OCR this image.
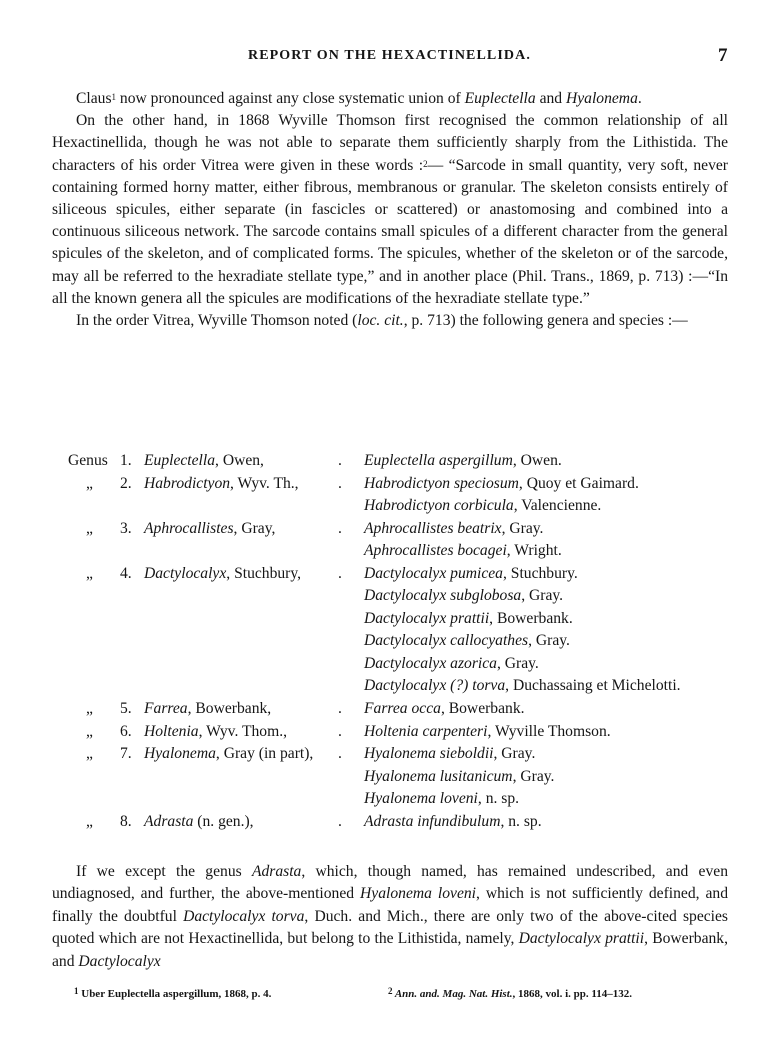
REPORT ON THE HEXACTINELLIDA.	7

Claus$^1$ now pronounced against any close systematic union of Euplectella and Hyalonema.

On the other hand, in 1868 Wyville Thomson first recognised the common relationship of all Hexactinellida, though he was not able to separate them sufficiently sharply from the Lithistida. The characters of his order Vitrea were given in these words :$^2$— “Sarcode in small quantity, very soft, never containing formed horny matter, either fibrous, membranous or granular. The skeleton consists entirely of siliceous spicules, either separate (in fascicles or scattered) or anastomosing and combined into a continuous siliceous network. The sarcode contains small spicules of a different character from the general spicules of the skeleton, and of complicated forms. The spicules, whether of the skeleton or of the sarcode, may all be referred to the hexradiate stellate type,” and in another place (Phil. Trans., 1869, p. 713) :—“In all the known genera all the spicules are modifications of the hexradiate stellate type.”

In the order Vitrea, Wyville Thomson noted (loc. cit., p. 713) the following genera and species :—

Genus 1. Euplectella, Owen,	. Euplectella aspergillum, Owen.
„ 2. Habrodictyon, Wyv. Th.,	. Habrodictyon speciosum, Quoy et Gaimard.
Habrodictyon corbicula, Valencienne.
„ 3. Aphrocallistes, Gray,	. Aphrocallistes beatrix, Gray.
Aphrocallistes bocagei, Wright.
„ 4. Dactylocalyx, Stuchbury, . Dactylocalyx pumicea, Stuchbury.
Dactylocalyx subglobosa, Gray.
Dactylocalyx prattii, Bowerbank.
Dactylocalyx callocyathes, Gray.
Dactylocalyx azorica, Gray.
Dactylocalyx (?) torva, Duchassaing et Michelotti.
„ 5. Farrea, Bowerbank,	. Farrea occa, Bowerbank.
„ 6. Holtenia, Wyv. Thom.,	. Holtenia carpenteri, Wyville Thomson.
„ 7. Hyalonema, Gray (in part), . Hyalonema sieboldii, Gray.
Hyalonema lusitanicum, Gray.
Hyalonema loveni, n. sp.
„ 8. Adrasta (n. gen.),	. Adrasta infundibulum, n. sp.

If we except the genus Adrasta, which, though named, has remained undescribed, and even undiagnosed, and further, the above-mentioned Hyalonema loveni, which is not sufficiently defined, and finally the doubtful Dactylocalyx torva, Duch. and Mich., there are only two of the above-cited species quoted which are not Hexactinellida, but belong to the Lithistida, namely, Dactylocalyx prattii, Bowerbank, and Dactylocalyx

$^1$ Uber Euplectella aspergillum, 1868, p. 4.	$^2$ Ann. and. Mag. Nat. Hist., 1868, vol. i. pp. 114–132.
